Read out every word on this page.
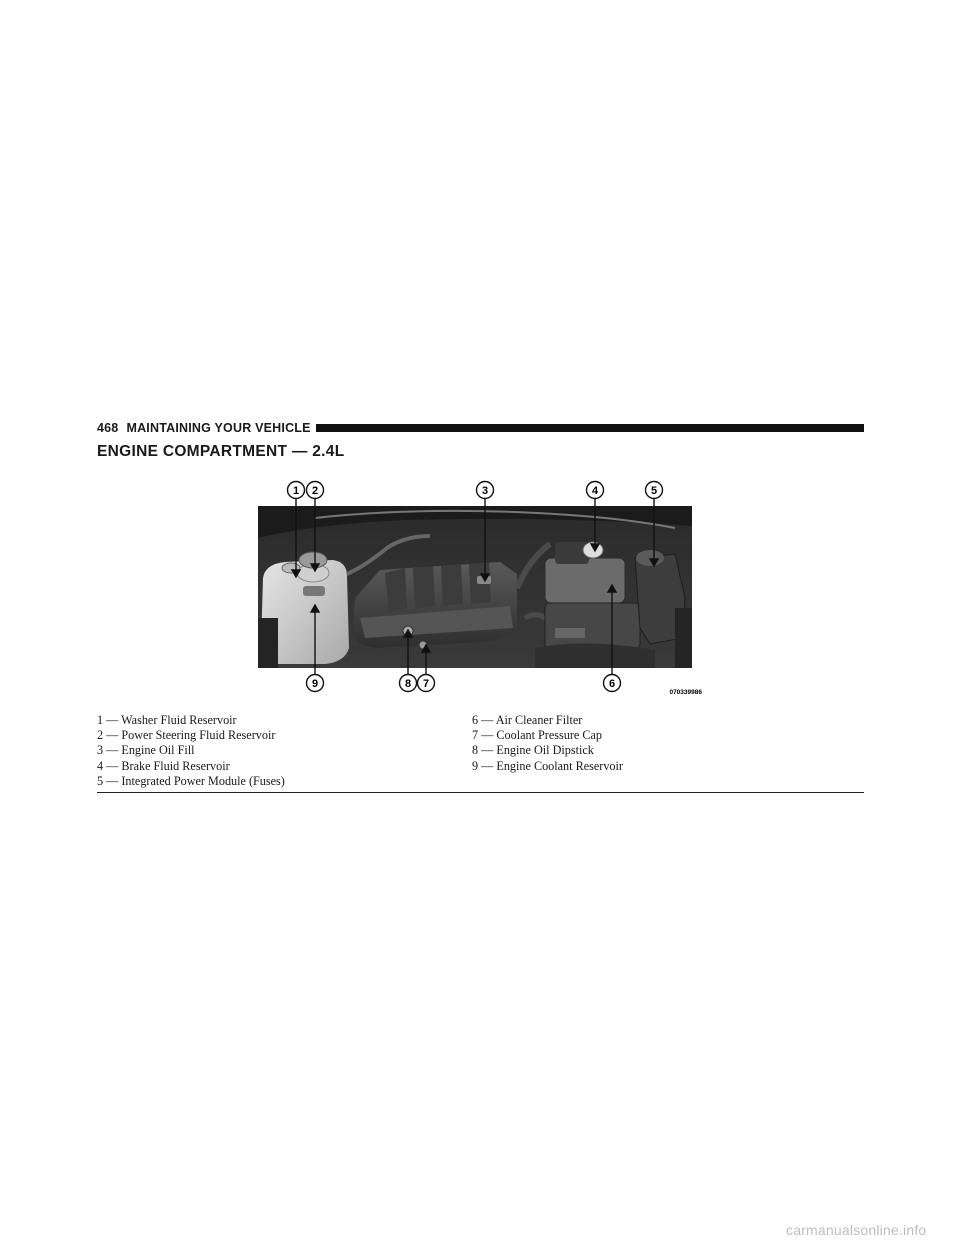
468 MAINTAINING YOUR VEHICLE
ENGINE COMPARTMENT — 2.4L
1 2	3	4	5
9	8 7	6
070339986
1 — Washer Fluid Reservoir
2 — Power Steering Fluid Reservoir
3 — Engine Oil Fill
4 — Brake Fluid Reservoir
5 — Integrated Power Module (Fuses)
6 — Air Cleaner Filter
7 — Coolant Pressure Cap
8 — Engine Oil Dipstick
9 — Engine Coolant Reservoir
carmanualsonline.info
